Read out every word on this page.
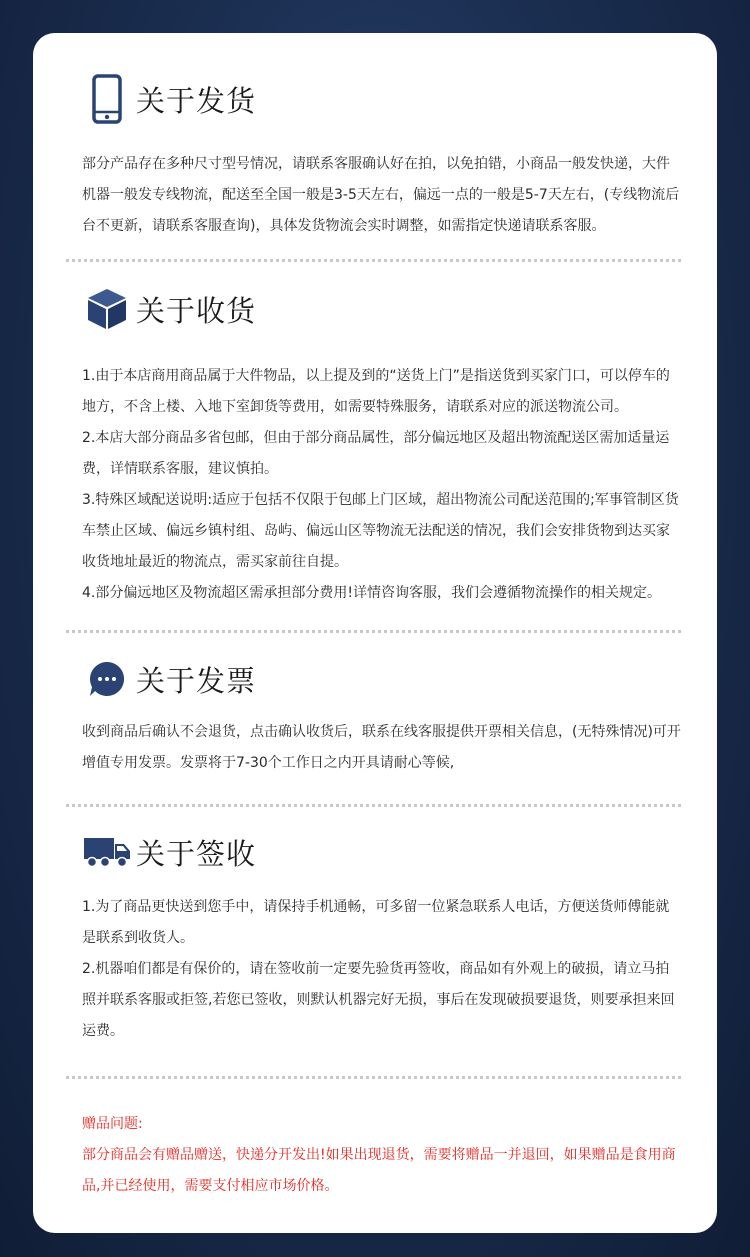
关于发货

部分产品存在多种尺寸型号情况，请联系客服确认好在拍，以免拍错，小商品一般发快递，大件机器一般发专线物流，配送至全国一般是3-5天左右，偏远一点的一般是5-7天左右，(专线物流后台不更新，请联系客服查询)，具体发货物流会实时调整，如需指定快递请联系客服。

关于收货

1.由于本店商用商品属于大件物品，以上提及到的“送货上门”是指送货到买家门口，可以停车的地方，不含上楼、入地下室卸货等费用，如需要特殊服务，请联系对应的派送物流公司。

2.本店大部分商品多省包邮，但由于部分商品属性，部分偏远地区及超出物流配送区需加适量运费，详情联系客服，建议慎拍。

3.特殊区域配送说明:适应于包括不仅限于包邮上门区域，超出物流公司配送范围的;军事管制区货车禁止区域、偏远乡镇村组、岛屿、偏远山区等物流无法配送的情况，我们会安排货物到达买家收货地址最近的物流点，需买家前往自提。

4.部分偏远地区及物流超区需承担部分费用!详情咨询客服，我们会遵循物流操作的相关规定。

关于发票

收到商品后确认不会退货，点击确认收货后，联系在线客服提供开票相关信息，(无特殊情况)可开增值专用发票。发票将于7-30个工作日之内开具请耐心等候,

关于签收

1.为了商品更快送到您手中，请保持手机通畅，可多留一位紧急联系人电话，方便送货师傅能就是联系到收货人。

2.机器咱们都是有保价的，请在签收前一定要先验货再签收，商品如有外观上的破损，请立马拍照并联系客服或拒签,若您已签收，则默认机器完好无损，事后在发现破损要退货，则要承担来回运费。

赠品问题:
部分商品会有赠品赠送，快递分开发出!如果出现退货，需要将赠品一并退回，如果赠品是食用商品,并已经使用，需要支付相应市场价格。
